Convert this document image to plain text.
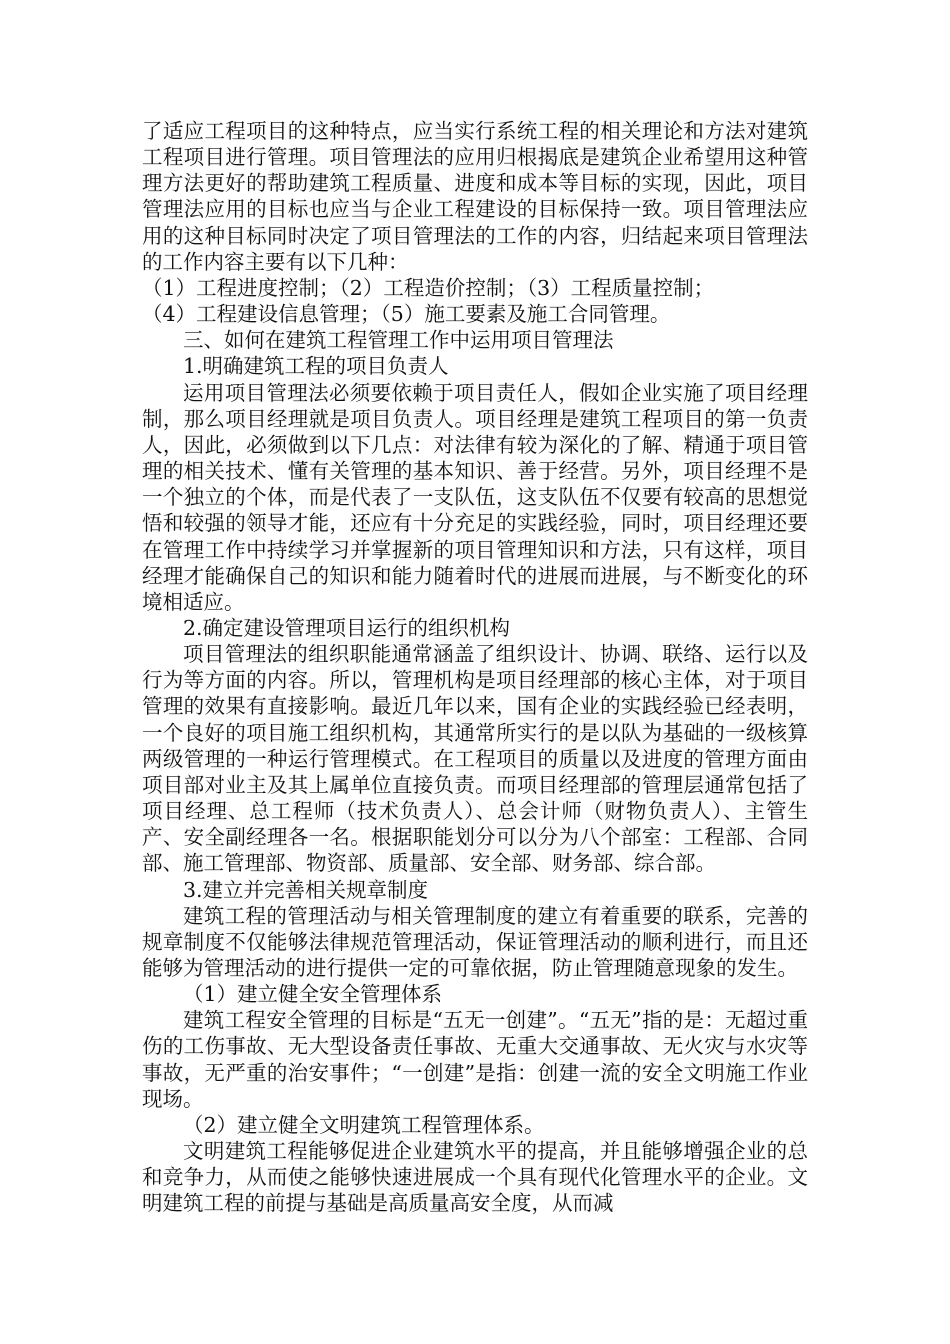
了适应工程项目的这种特点，应当实行系统工程的相关理论和方法对建筑工程项目进行管理。项目管理法的应用归根揭底是建筑企业希望用这种管理方法更好的帮助建筑工程质量、进度和成本等目标的实现，因此，项目管理法应用的目标也应当与企业工程建设的目标保持一致。项目管理法应用的这种目标同时决定了项目管理法的工作的内容，归结起来项目管理法的工作内容主要有以下几种：

（1）工程进度控制；（2）工程造价控制；（3）工程质量控制；

（4）工程建设信息管理；（5）施工要素及施工合同管理。

三、如何在建筑工程管理工作中运用项目管理法

1.明确建筑工程的项目负责人

运用项目管理法必须要依赖于项目责任人，假如企业实施了项目经理制，那么项目经理就是项目负责人。项目经理是建筑工程项目的第一负责人，因此，必须做到以下几点：对法律有较为深化的了解、精通于项目管理的相关技术、懂有关管理的基本知识、善于经营。另外，项目经理不是一个独立的个体，而是代表了一支队伍，这支队伍不仅要有较高的思想觉悟和较强的领导才能，还应有十分充足的实践经验，同时，项目经理还要在管理工作中持续学习并掌握新的项目管理知识和方法，只有这样，项目经理才能确保自己的知识和能力随着时代的进展而进展，与不断变化的环境相适应。

2.确定建设管理项目运行的组织机构

项目管理法的组织职能通常涵盖了组织设计、协调、联络、运行以及行为等方面的内容。所以，管理机构是项目经理部的核心主体，对于项目管理的效果有直接影响。最近几年以来，国有企业的实践经验已经表明，一个良好的项目施工组织机构，其通常所实行的是以队为基础的一级核算两级管理的一种运行管理模式。在工程项目的质量以及进度的管理方面由项目部对业主及其上属单位直接负责。而项目经理部的管理层通常包括了项目经理、总工程师（技术负责人）、总会计师（财物负责人）、主管生产、安全副经理各一名。根据职能划分可以分为八个部室：工程部、合同部、施工管理部、物资部、质量部、安全部、财务部、综合部。

3.建立并完善相关规章制度

建筑工程的管理活动与相关管理制度的建立有着重要的联系，完善的规章制度不仅能够法律规范管理活动，保证管理活动的顺利进行，而且还能够为管理活动的进行提供一定的可靠依据，防止管理随意现象的发生。

（1）建立健全安全管理体系

建筑工程安全管理的目标是“五无一创建”。“五无”指的是：无超过重伤的工伤事故、无大型设备责任事故、无重大交通事故、无火灾与水灾等事故，无严重的治安事件；“一创建”是指：创建一流的安全文明施工作业现场。

（2）建立健全文明建筑工程管理体系。

文明建筑工程能够促进企业建筑水平的提高，并且能够增强企业的总和竞争力，从而使之能够快速进展成一个具有现代化管理水平的企业。文明建筑工程的前提与基础是高质量高安全度，从而减
